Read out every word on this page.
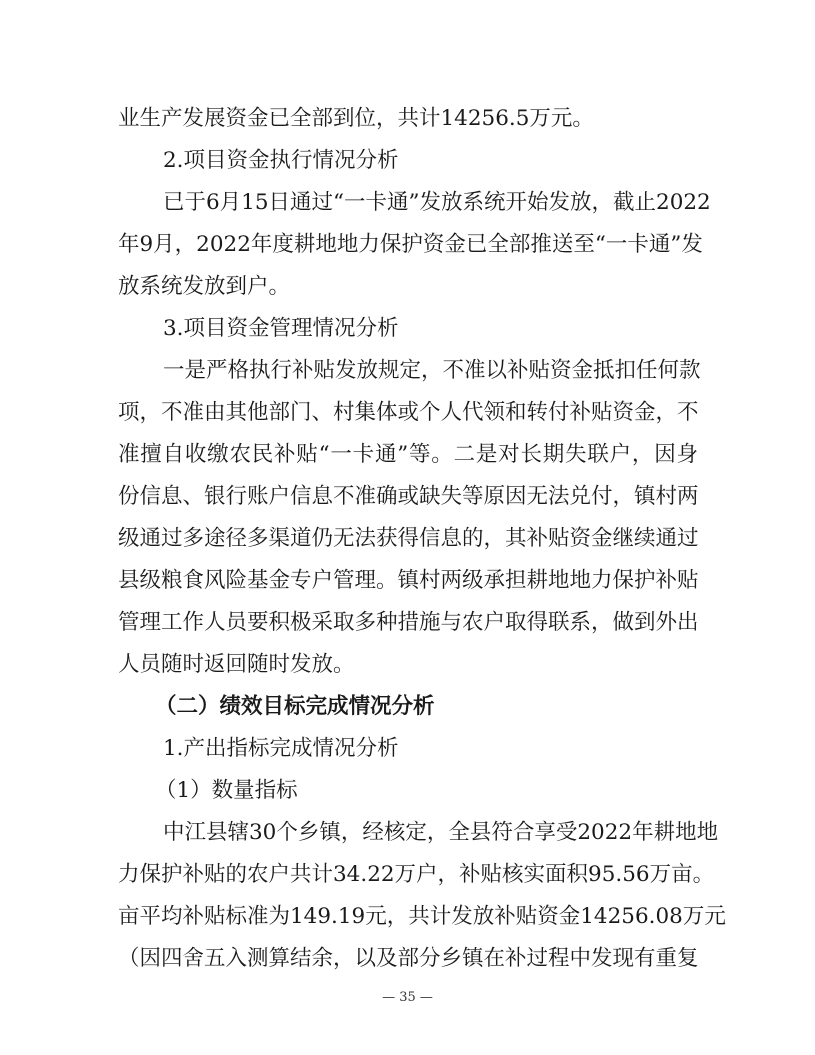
业生产发展资金已全部到位，共计14256.5万元。

2.项目资金执行情况分析

已于6月15日通过“一卡通”发放系统开始发放，截止2022

年9月，2022年度耕地地力保护资金已全部推送至“一卡通”发

放系统发放到户。

3.项目资金管理情况分析

一是严格执行补贴发放规定，不准以补贴资金抵扣任何款

项，不准由其他部门、村集体或个人代领和转付补贴资金，不

准擅自收缴农民补贴“一卡通”等。二是对长期失联户，因身

份信息、银行账户信息不准确或缺失等原因无法兑付，镇村两

级通过多途径多渠道仍无法获得信息的，其补贴资金继续通过

县级粮食风险基金专户管理。镇村两级承担耕地地力保护补贴

管理工作人员要积极采取多种措施与农户取得联系，做到外出

人员随时返回随时发放。

（二）绩效目标完成情况分析

1.产出指标完成情况分析

（1）数量指标

中江县辖30个乡镇，经核定，全县符合享受2022年耕地地

力保护补贴的农户共计34.22万户，补贴核实面积95.56万亩。

亩平均补贴标准为149.19元，共计发放补贴资金14256.08万元

（因四舍五入测算结余，以及部分乡镇在补过程中发现有重复

— 35 —
